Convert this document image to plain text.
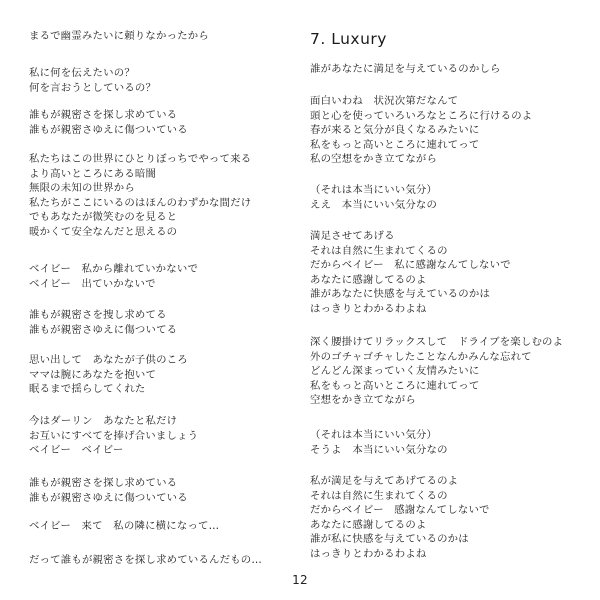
まるで幽霊みたいに頼りなかったから
私に何を伝えたいの？
何を言おうとしているの？
誰もが親密さを探し求めている
誰もが親密さゆえに傷ついている
私たちはこの世界にひとりぼっちでやって来る
より高いところにある暗闇
無限の未知の世界から
私たちがここにいるのはほんのわずかな間だけ
でもあなたが微笑むのを見ると
暖かくて安全なんだと思えるの
ベイビー　私から離れていかないで
ベイビー　出ていかないで
誰もが親密さを捜し求めてる
誰もが親密さゆえに傷ついてる
思い出して　あなたが子供のころ
ママは腕にあなたを抱いて
眠るまで揺らしてくれた
今はダーリン　あなたと私だけ
お互いにすべてを捧げ合いましょう
ベイビー　ベイビー
誰もが親密さを探し求めている
誰もが親密さゆえに傷ついている
ベイビー　来て　私の隣に横になって…
だって誰もが親密さを探し求めているんだもの…
7. Luxury
誰があなたに満足を与えているのかしら
面白いわね　状況次第だなんて
頭と心を使っていろいろなところに行けるのよ
春が来ると気分が良くなるみたいに
私をもっと高いところに連れてって
私の空想をかき立てながら
（それは本当にいい気分）
ええ　本当にいい気分なの
満足させてあげる
それは自然に生まれてくるの
だからベイビー　私に感謝なんてしないで
あなたに感謝してるのよ
誰があなたに快感を与えているのかは
はっきりとわかるわよね
深く腰掛けてリラックスして　ドライブを楽しむのよ
外のゴチャゴチャしたことなんかみんな忘れて
どんどん深まっていく友情みたいに
私をもっと高いところに連れてって
空想をかき立てながら
（それは本当にいい気分）
そうよ　本当にいい気分なの
私が満足を与えてあげてるのよ
それは自然に生まれてくるの
だからベイビー　感謝なんてしないで
あなたに感謝してるのよ
誰が私に快感を与えているのかは
はっきりとわかるわよね
12
